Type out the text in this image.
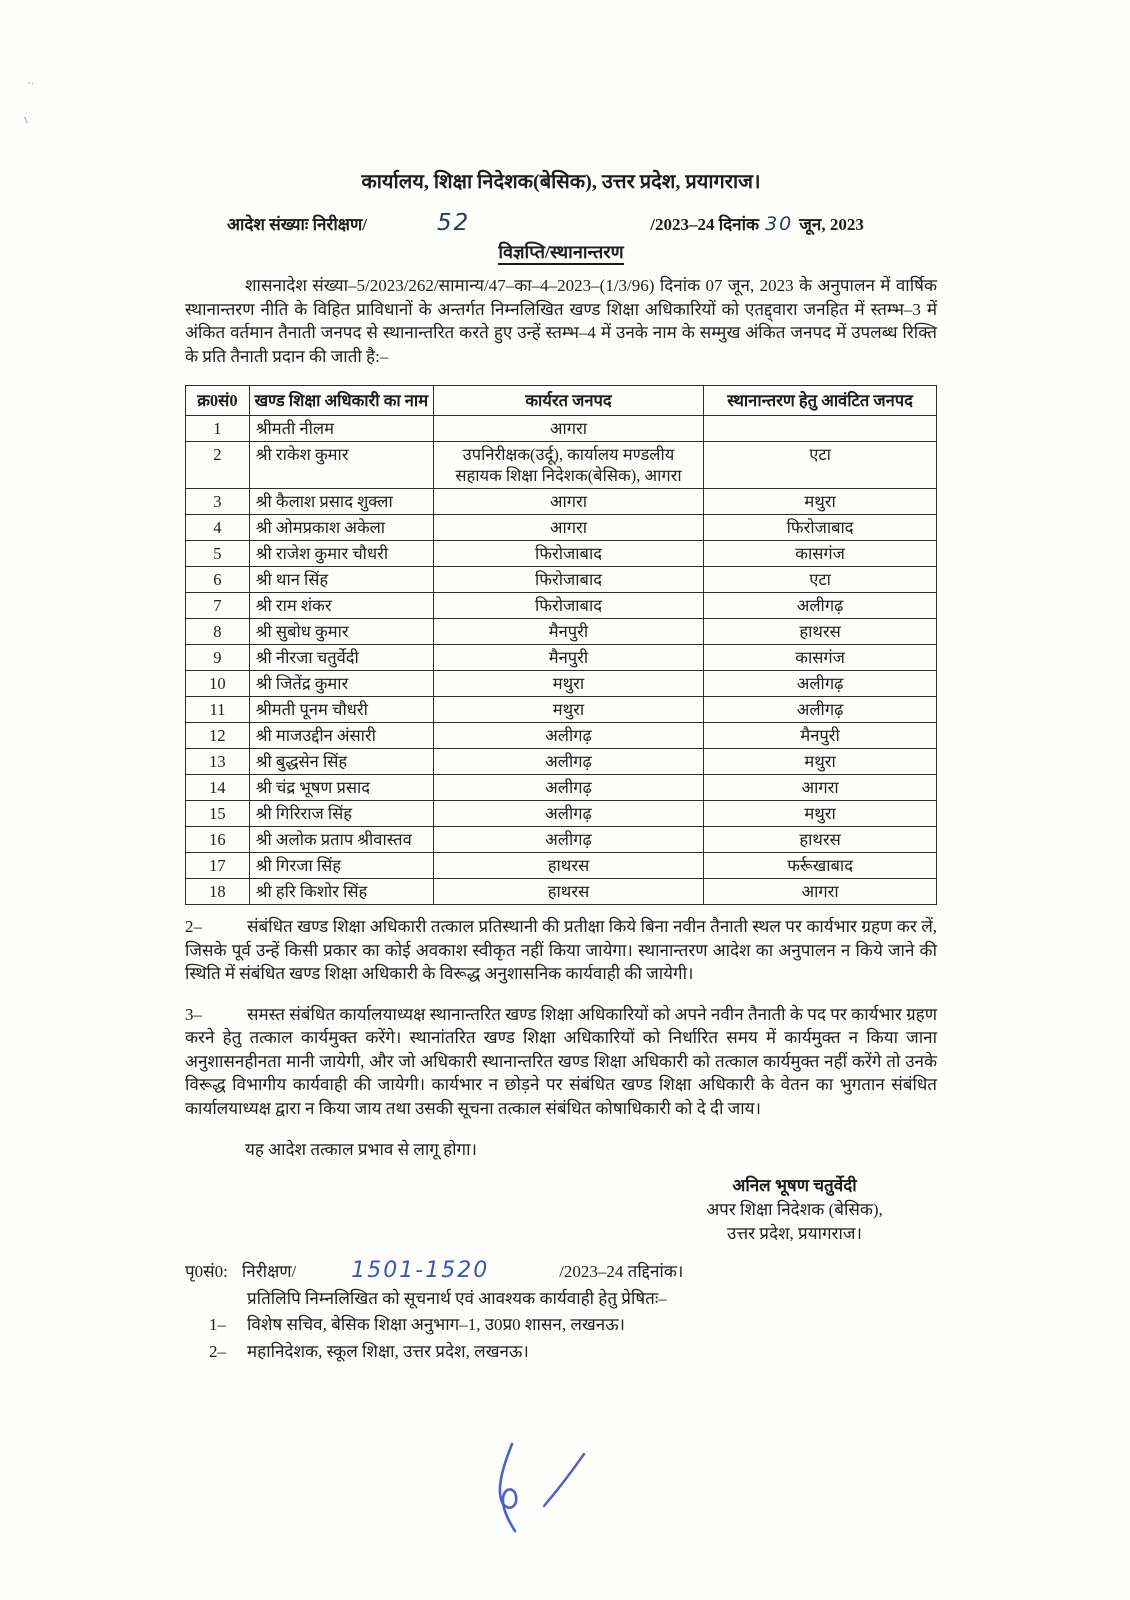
··
ι
कार्यालय, शिक्षा निदेशक(बेसिक), उत्तर प्रदेश, प्रयागराज।
आदेश संख्याः निरीक्षण/	52	/2023–24 दिनांक 30 जून, 2023
विज्ञप्ति/स्थानान्तरण

शासनादेश संख्या–5/2023/262/सामान्य/47–का–4–2023–(1/3/96) दिनांक 07 जून, 2023 के अनुपालन में वार्षिक स्थानान्तरण नीति के विहित प्राविधानों के अन्तर्गत निम्नलिखित खण्ड शिक्षा अधिकारियों को एतद्द्वारा जनहित में स्तम्भ–3 में अंकित वर्तमान तैनाती जनपद से स्थानान्तरित करते हुए उन्हें स्तम्भ–4 में उनके नाम के सम्मुख अंकित जनपद में उपलब्ध रिक्ति के प्रति तैनाती प्रदान की जाती है:–

क्र0सं0	खण्ड शिक्षा अधिकारी का नाम	कार्यरत जनपद	स्थानान्तरण हेतु आवंटित जनपद
1	श्रीमती नीलम	आगरा	
2	श्री राकेश कुमार	उपनिरीक्षक(उर्दू), कार्यालय मण्डलीय सहायक शिक्षा निदेशक(बेसिक), आगरा	एटा
3	श्री कैलाश प्रसाद शुक्ला	आगरा	मथुरा
4	श्री ओमप्रकाश अकेला	आगरा	फिरोजाबाद
5	श्री राजेश कुमार चौधरी	फिरोजाबाद	कासगंज
6	श्री थान सिंह	फिरोजाबाद	एटा
7	श्री राम शंकर	फिरोजाबाद	अलीगढ़
8	श्री सुबोध कुमार	मैनपुरी	हाथरस
9	श्री नीरजा चतुर्वेदी	मैनपुरी	कासगंज
10	श्री जितेंद्र कुमार	मथुरा	अलीगढ़
11	श्रीमती पूनम चौधरी	मथुरा	अलीगढ़
12	श्री माजउद्दीन अंसारी	अलीगढ़	मैनपुरी
13	श्री बुद्धसेन सिंह	अलीगढ़	मथुरा
14	श्री चंद्र भूषण प्रसाद	अलीगढ़	आगरा
15	श्री गिरिराज सिंह	अलीगढ़	मथुरा
16	श्री अलोक प्रताप श्रीवास्तव	अलीगढ़	हाथरस
17	श्री गिरजा सिंह	हाथरस	फर्रूखाबाद
18	श्री हरि किशोर सिंह	हाथरस	आगरा

2–	संबंधित खण्ड शिक्षा अधिकारी तत्काल प्रतिस्थानी की प्रतीक्षा किये बिना नवीन तैनाती स्थल पर कार्यभार ग्रहण कर लें, जिसके पूर्व उन्हें किसी प्रकार का कोई अवकाश स्वीकृत नहीं किया जायेगा। स्थानान्तरण आदेश का अनुपालन न किये जाने की स्थिति में संबंधित खण्ड शिक्षा अधिकारी के विरूद्ध अनुशासनिक कार्यवाही की जायेगी।

3–	समस्त संबंधित कार्यालयाध्यक्ष स्थानान्तरित खण्ड शिक्षा अधिकारियों को अपने नवीन तैनाती के पद पर कार्यभार ग्रहण करने हेतु तत्काल कार्यमुक्त करेंगे। स्थानांतरित खण्ड शिक्षा अधिकारियों को निर्धारित समय में कार्यमुक्त न किया जाना अनुशासनहीनता मानी जायेगी, और जो अधिकारी स्थानान्तरित खण्ड शिक्षा अधिकारी को तत्काल कार्यमुक्त नहीं करेंगे तो उनके विरूद्ध विभागीय कार्यवाही की जायेगी। कार्यभार न छोड़ने पर संबंधित खण्ड शिक्षा अधिकारी के वेतन का भुगतान संबंधित कार्यालयाध्यक्ष द्वारा न किया जाय तथा उसकी सूचना तत्काल संबंधित कोषाधिकारी को दे दी जाय।

यह आदेश तत्काल प्रभाव से लागू होगा।
अनिल भूषण चतुर्वेदी
अपर शिक्षा निदेशक (बेसिक),
उत्तर प्रदेश, प्रयागराज।
पृ0सं0: निरीक्षण/	1501-1520	/2023–24 तद्दिनांक।
प्रतिलिपि निम्नलिखित को सूचनार्थ एवं आवश्यक कार्यवाही हेतु प्रेषितः–
1– विशेष सचिव, बेसिक शिक्षा अनुभाग–1, उ0प्र0 शासन, लखनऊ।
2– महानिदेशक, स्कूल शिक्षा, उत्तर प्रदेश, लखनऊ।
